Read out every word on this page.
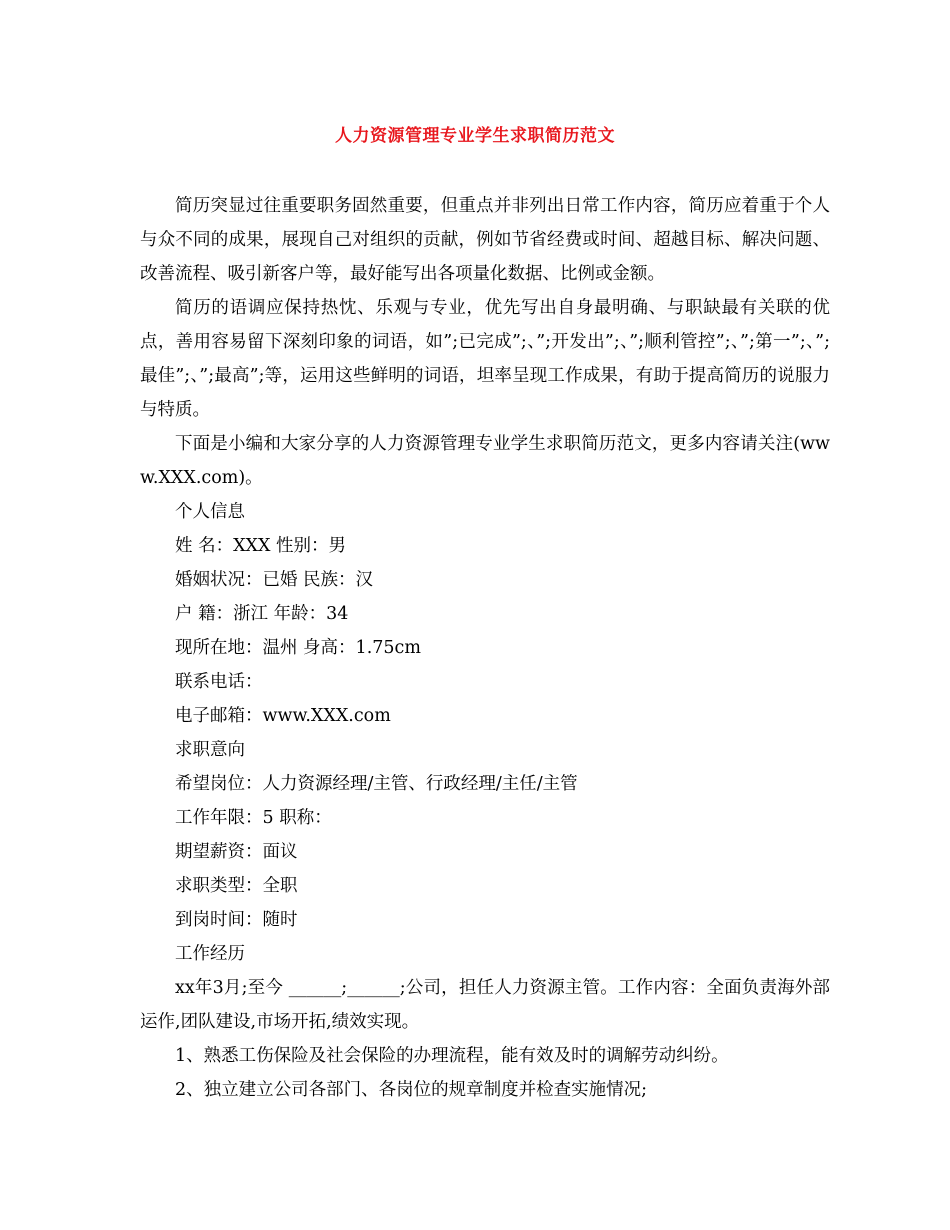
人力资源管理专业学生求职简历范文

简历突显过往重要职务固然重要，但重点并非列出日常工作内容，简历应着重于个人与众不同的成果，展现自己对组织的贡献，例如节省经费或时间、超越目标、解决问题、改善流程、吸引新客户等，最好能写出各项量化数据、比例或金额。

简历的语调应保持热忱、乐观与专业，优先写出自身最明确、与职缺最有关联的优点，善用容易留下深刻印象的词语，如”;已完成”;、”;开发出”;、”;顺利管控”;、”;第一”;、”;最佳”;、”;最高”;等，运用这些鲜明的词语，坦率呈现工作成果，有助于提高简历的说服力与特质。

下面是小编和大家分享的人力资源管理专业学生求职简历范文，更多内容请关注(www.XXX.com)。

个人信息

姓 名：XXX 性别：男

婚姻状况：已婚 民族：汉

户 籍：浙江 年龄：34

现所在地：温州 身高：1.75cm

联系电话：

电子邮箱：www.XXX.com

求职意向

希望岗位：人力资源经理/主管、行政经理/主任/主管

工作年限：5 职称：

期望薪资：面议

求职类型：全职

到岗时间：随时

工作经历

xx年3月;至今 ______;______;公司，担任人力资源主管。工作内容：全面负责海外部运作,团队建设,市场开拓,绩效实现。

1、熟悉工伤保险及社会保险的办理流程，能有效及时的调解劳动纠纷。

2、独立建立公司各部门、各岗位的规章制度并检查实施情况;
